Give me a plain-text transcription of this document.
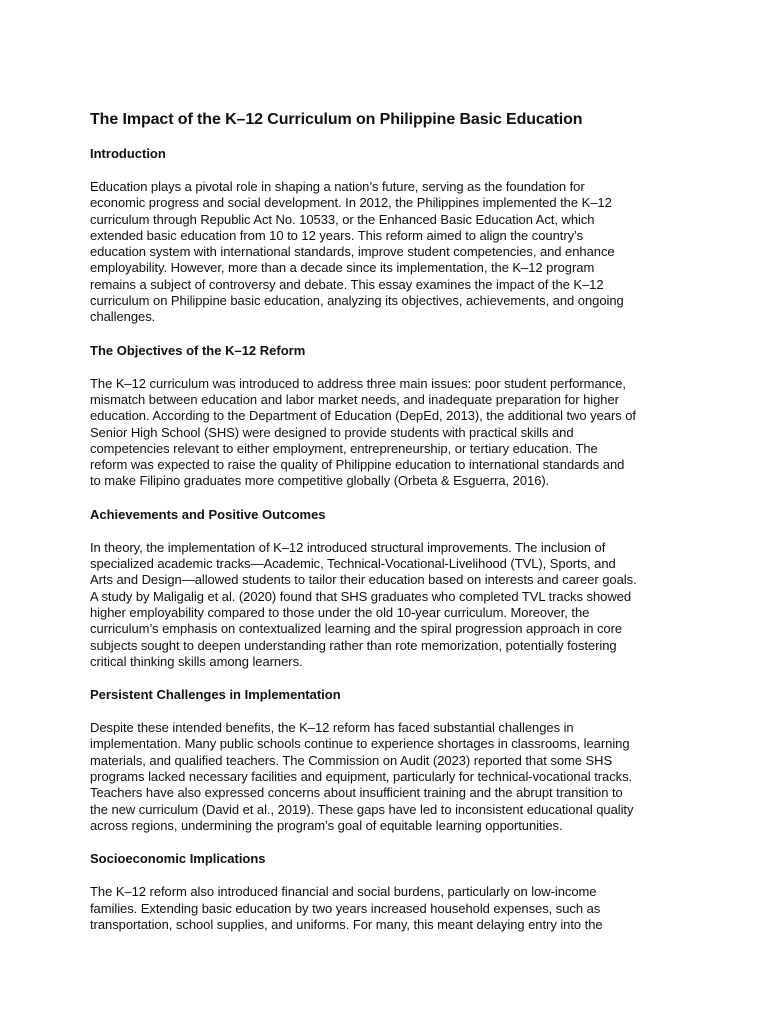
The Impact of the K–12 Curriculum on Philippine Basic Education
Introduction
Education plays a pivotal role in shaping a nation’s future, serving as the foundation for
economic progress and social development. In 2012, the Philippines implemented the K–12
curriculum through Republic Act No. 10533, or the Enhanced Basic Education Act, which
extended basic education from 10 to 12 years. This reform aimed to align the country’s
education system with international standards, improve student competencies, and enhance
employability. However, more than a decade since its implementation, the K–12 program
remains a subject of controversy and debate. This essay examines the impact of the K–12
curriculum on Philippine basic education, analyzing its objectives, achievements, and ongoing
challenges.
The Objectives of the K–12 Reform
The K–12 curriculum was introduced to address three main issues: poor student performance,
mismatch between education and labor market needs, and inadequate preparation for higher
education. According to the Department of Education (DepEd, 2013), the additional two years of
Senior High School (SHS) were designed to provide students with practical skills and
competencies relevant to either employment, entrepreneurship, or tertiary education. The
reform was expected to raise the quality of Philippine education to international standards and
to make Filipino graduates more competitive globally (Orbeta & Esguerra, 2016).
Achievements and Positive Outcomes
In theory, the implementation of K–12 introduced structural improvements. The inclusion of
specialized academic tracks—Academic, Technical-Vocational-Livelihood (TVL), Sports, and
Arts and Design—allowed students to tailor their education based on interests and career goals.
A study by Maligalig et al. (2020) found that SHS graduates who completed TVL tracks showed
higher employability compared to those under the old 10-year curriculum. Moreover, the
curriculum’s emphasis on contextualized learning and the spiral progression approach in core
subjects sought to deepen understanding rather than rote memorization, potentially fostering
critical thinking skills among learners.
Persistent Challenges in Implementation
Despite these intended benefits, the K–12 reform has faced substantial challenges in
implementation. Many public schools continue to experience shortages in classrooms, learning
materials, and qualified teachers. The Commission on Audit (2023) reported that some SHS
programs lacked necessary facilities and equipment, particularly for technical-vocational tracks.
Teachers have also expressed concerns about insufficient training and the abrupt transition to
the new curriculum (David et al., 2019). These gaps have led to inconsistent educational quality
across regions, undermining the program’s goal of equitable learning opportunities.
Socioeconomic Implications
The K–12 reform also introduced financial and social burdens, particularly on low-income
families. Extending basic education by two years increased household expenses, such as
transportation, school supplies, and uniforms. For many, this meant delaying entry into the
